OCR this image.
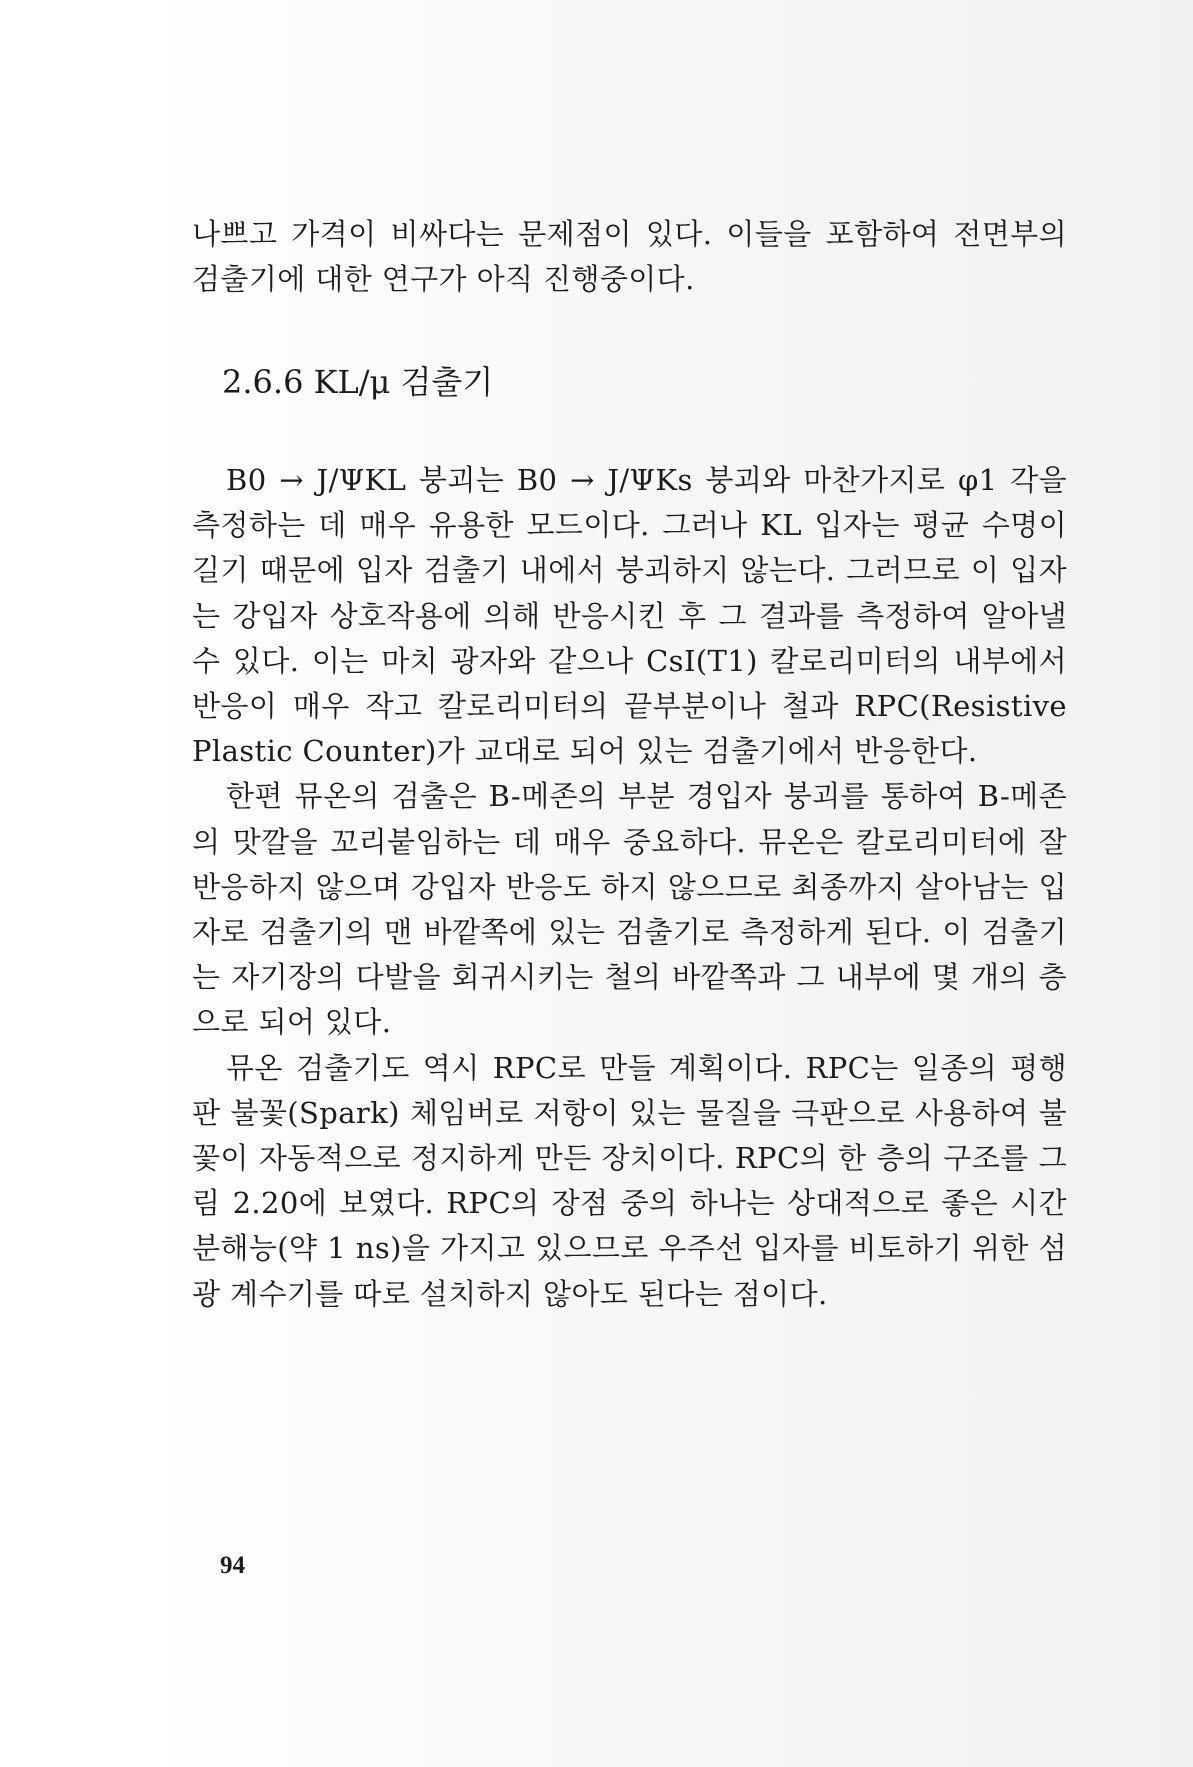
나쁘고 가격이 비싸다는 문제점이 있다. 이들을 포함하여 전면부의 검출기에 대한 연구가 아직 진행중이다.

2.6.6 KL/μ 검출기

B0 → J/ΨKL 붕괴는 B0 → J/ΨKs 붕괴와 마찬가지로 φ1 각을 측정하는 데 매우 유용한 모드이다. 그러나 KL 입자는 평균 수명이 길기 때문에 입자 검출기 내에서 붕괴하지 않는다. 그러므로 이 입자는 강입자 상호작용에 의해 반응시킨 후 그 결과를 측정하여 알아낼 수 있다. 이는 마치 광자와 같으나 CsI(T1) 칼로리미터의 내부에서 반응이 매우 작고 칼로리미터의 끝부분이나 철과 RPC(Resistive Plastic Counter)가 교대로 되어 있는 검출기에서 반응한다.

한편 뮤온의 검출은 B-메존의 부분 경입자 붕괴를 통하여 B-메존의 맛깔을 꼬리붙임하는 데 매우 중요하다. 뮤온은 칼로리미터에 잘 반응하지 않으며 강입자 반응도 하지 않으므로 최종까지 살아남는 입자로 검출기의 맨 바깥쪽에 있는 검출기로 측정하게 된다. 이 검출기는 자기장의 다발을 회귀시키는 철의 바깥쪽과 그 내부에 몇 개의 층으로 되어 있다.

뮤온 검출기도 역시 RPC로 만들 계획이다. RPC는 일종의 평행판 불꽃(Spark) 체임버로 저항이 있는 물질을 극판으로 사용하여 불꽃이 자동적으로 정지하게 만든 장치이다. RPC의 한 층의 구조를 그림 2.20에 보였다. RPC의 장점 중의 하나는 상대적으로 좋은 시간 분해능(약 1 ns)을 가지고 있으므로 우주선 입자를 비토하기 위한 섬광 계수기를 따로 설치하지 않아도 된다는 점이다.

94
